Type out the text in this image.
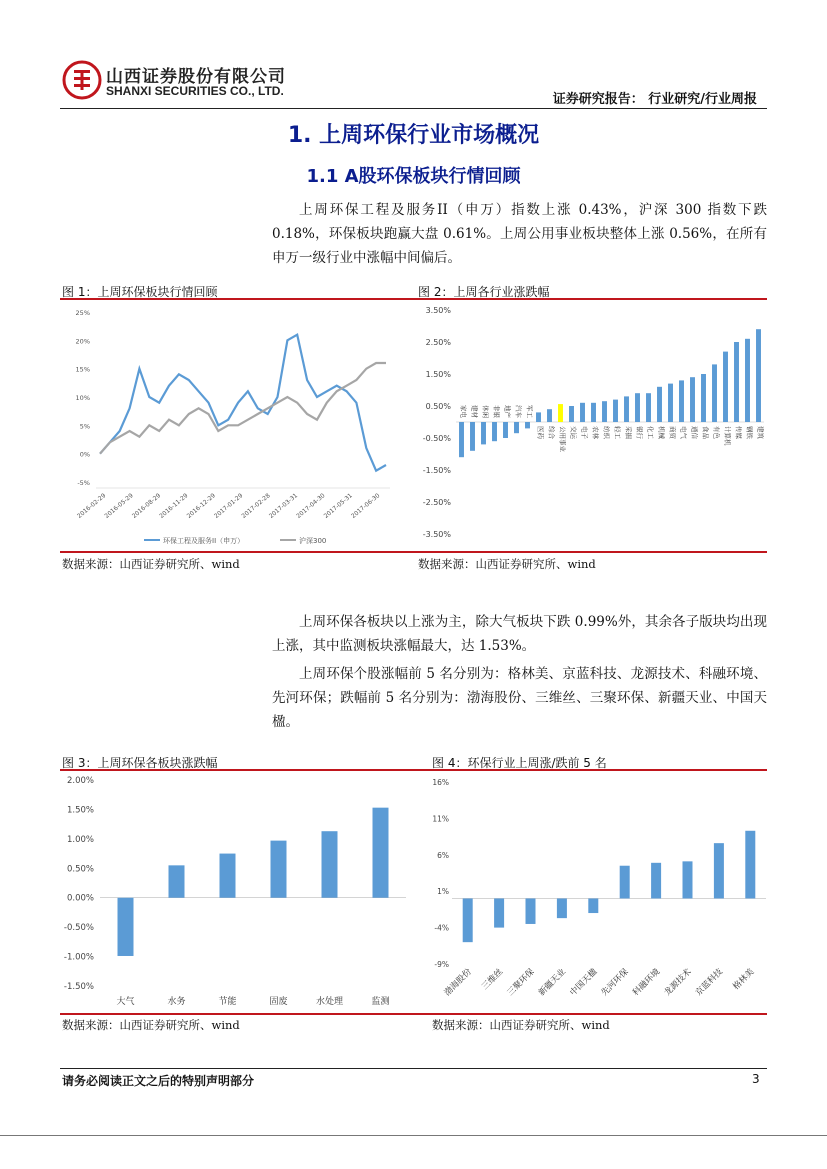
山西证券股份有限公司
SHANXI SECURITIES CO., LTD.
证券研究报告： 行业研究/行业周报
1. 上周环保行业市场概况
1.1 A股环保板块行情回顾
上周环保工程及服务II（申万）指数上涨 0.43%，沪深 300 指数下跌 0.18%，环保板块跑赢大盘 0.61%。上周公用事业板块整体上涨 0.56%，在所有申万一级行业中涨幅中间偏后。
图 1：上周环保板块行情回顾	图 2：上周各行业涨跌幅
25%
20%
15%
10%
5%
0%
-5%
2016-02-29
2016-05-29
2016-08-29
2016-11-29
2016-12-29
2017-01-29
2017-02-28
2017-03-31
2017-04-30
2017-05-31
2017-06-30
环保工程及服务II（申万）	沪深300
3.50%
2.50%
1.50%
0.50%
-0.50%
-1.50%
-2.50%
-3.50%
家电 建材 休闲 非银 地产 汽车 军工
医药 综合 公用事业 交运 电子 农林 纺织 轻工 采掘 银行 化工 机械 商贸 电气 通信 食品 有色 计算机 传媒 钢铁 建筑
数据来源：山西证券研究所、wind	数据来源：山西证券研究所、wind
上周环保各板块以上涨为主，除大气板块下跌 0.99%外，其余各子版块均出现上涨，其中监测板块涨幅最大，达 1.53%。
上周环保个股涨幅前 5 名分别为：格林美、京蓝科技、龙源技术、科融环境、先河环保；跌幅前 5 名分别为：渤海股份、三维丝、三聚环保、新疆天业、中国天楹。
图 3：上周环保各板块涨跌幅	图 4：环保行业上周涨/跌前 5 名
2.00%
1.50%
1.00%
0.50%
0.00%
-0.50%
-1.00%
-1.50%
大气	水务	节能	固废	水处理	监测
16%
11%
6%
1%
-4%
-9%
渤海股份 三维丝 三聚环保 新疆天业 中国天楹 先河环保 科融环境 龙源技术 京蓝科技 格林美
数据来源：山西证券研究所、wind	数据来源：山西证券研究所、wind
请务必阅读正文之后的特别声明部分	3
